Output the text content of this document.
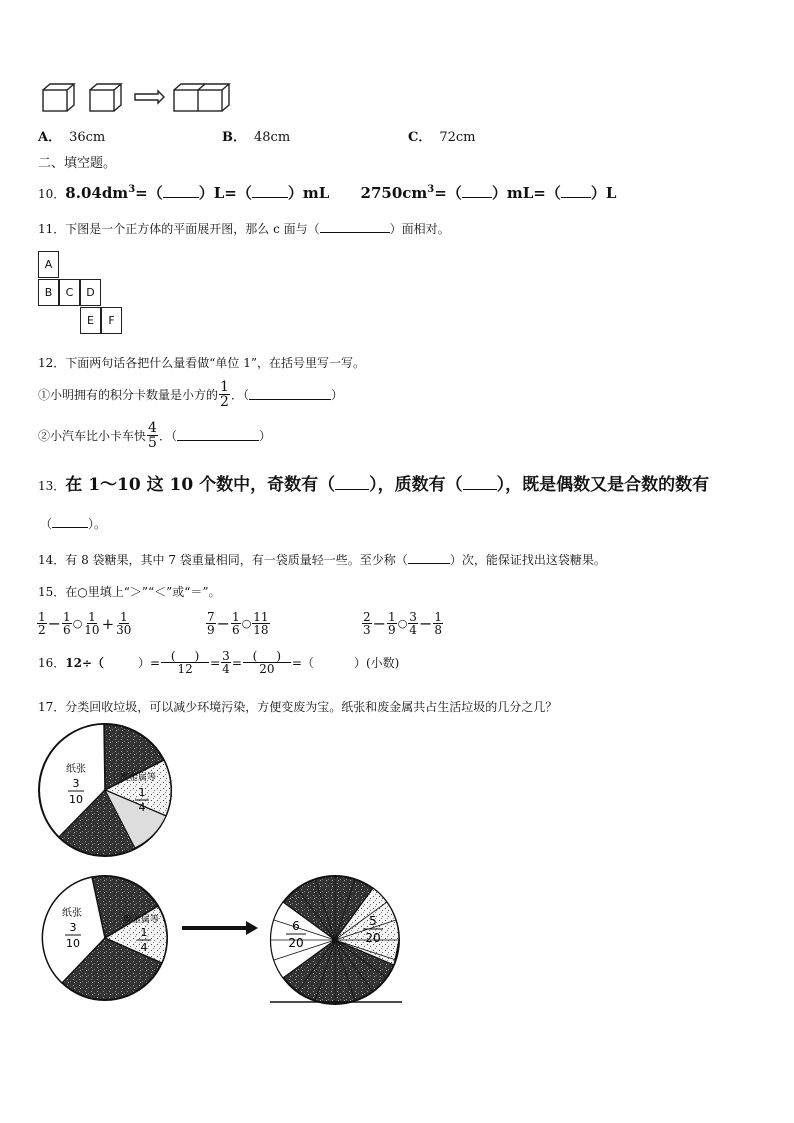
A． 36cm	B． 48cm	C． 72cm
二、填空题。
10．$8.04dm^3=$（ ）L=（ ）mL $2750cm^3=$（ ）mL=（ ）L
11．下图是一个正方体的平面展开图，那么 c 面与（	）面相对。
A
B	C	D
E	F
12．下面两句话各把什么量看做“单位 1”，在括号里写一写。
①小明拥有的积分卡数量是小方的 $\frac{1}{2}$ ．（	）
②小汽车比小卡车快 $\frac{4}{5}$ ．（	）
13．在 1～10 这 10 个数中，奇数有（ ），质数有（ ），既是偶数又是合数的数有
（	）。
14．有 8 袋糖果，其中 7 袋重量相同，有一袋质量轻一些。至少称（	）次，能保证找出这袋糖果。
15．在○里填上“＞”“＜”或“＝”。
$\frac{1}{2} - \frac{1}{6}$ ○ $\frac{1}{10} + \frac{1}{30}$	$\frac{7}{9} - \frac{1}{6}$ ○ $\frac{11}{18}$	$\frac{2}{3} - \frac{1}{9}$ ○ $\frac{3}{4} - \frac{1}{8}$
16． 12÷（	）= $\frac{( )}{12} = \frac{3}{4} = \frac{( )}{20}$ =（	）(小数)
17．分类回收垃圾，可以减少环境污染，方便变废为宝。纸张和废金属共占生活垃圾的几分之几？
纸张
3
10
废金属等
1
4
纸张
3
10
废金属等
1
4
6
20
5
20
